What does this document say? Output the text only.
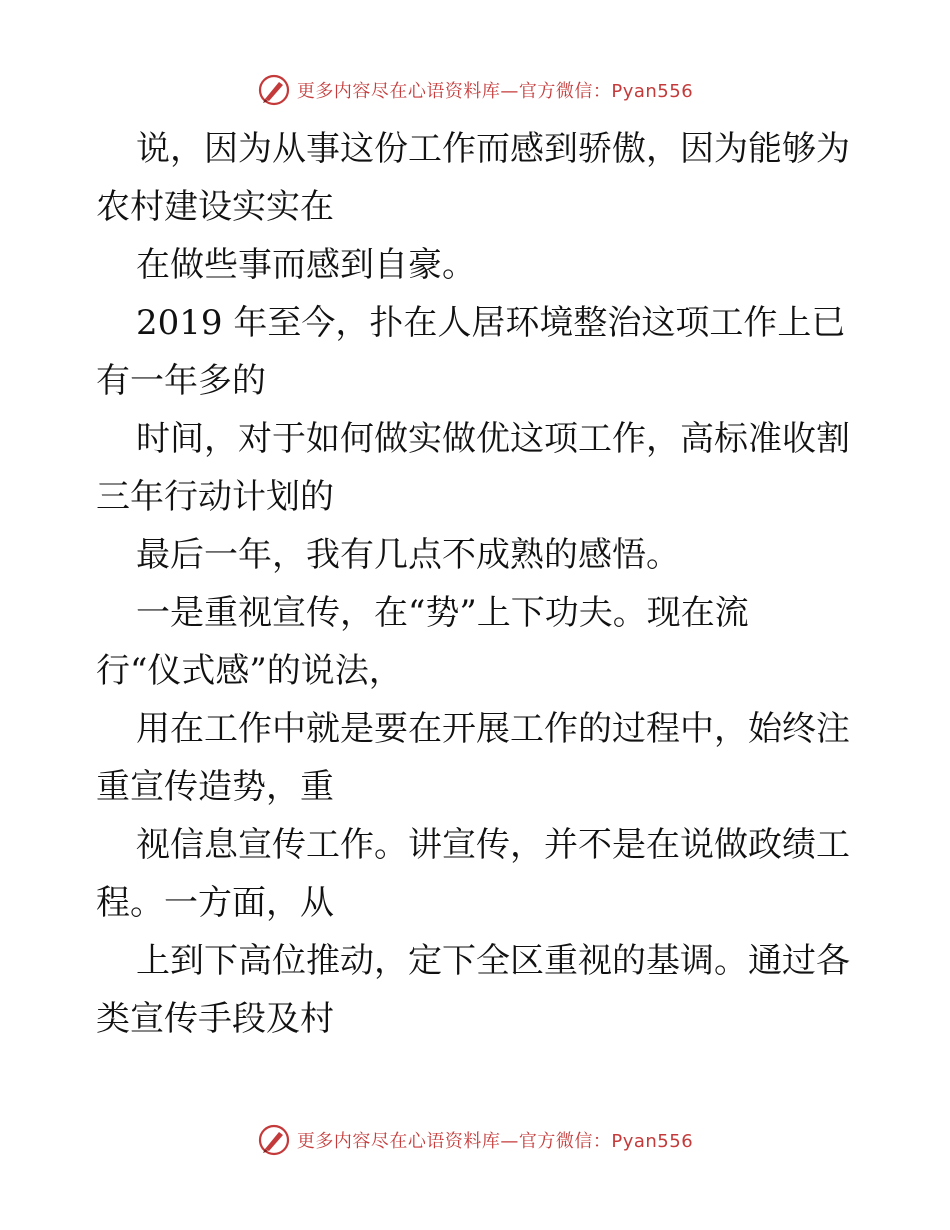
更多内容尽在心语资料库—官方微信：Pyan556
说，因为从事这份工作而感到骄傲，因为能够为
农村建设实实在
在做些事而感到自豪。
2019 年至今，扑在人居环境整治这项工作上已
有一年多的
时间，对于如何做实做优这项工作，高标准收割
三年行动计划的
最后一年，我有几点不成熟的感悟。
一是重视宣传，在“势”上下功夫。现在流
行“仪式感”的说法，
用在工作中就是要在开展工作的过程中，始终注
重宣传造势，重
视信息宣传工作。讲宣传，并不是在说做政绩工
程。一方面，从
上到下高位推动，定下全区重视的基调。通过各
类宣传手段及村
更多内容尽在心语资料库—官方微信：Pyan556
